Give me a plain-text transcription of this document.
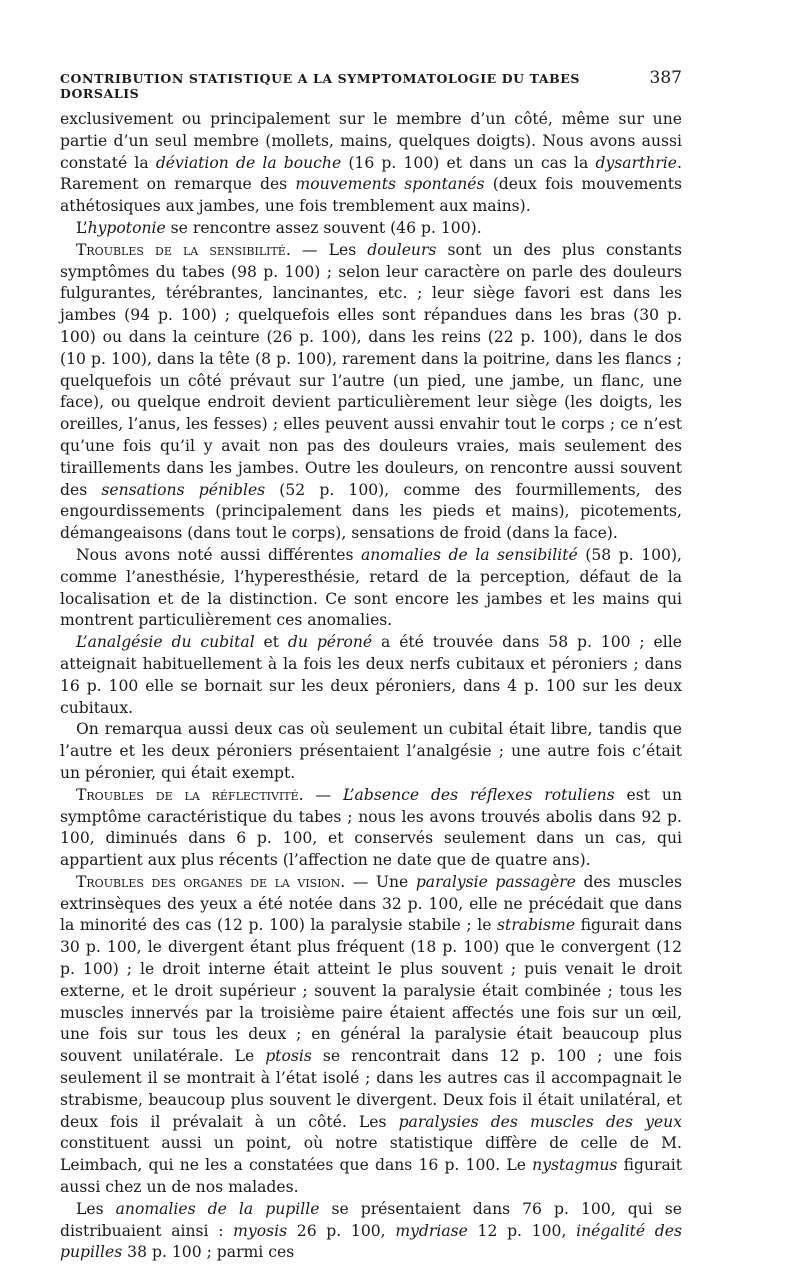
CONTRIBUTION STATISTIQUE A LA SYMPTOMATOLOGIE DU TABES DORSALIS
387

exclusivement ou principalement sur le membre d’un côté, même sur une partie d’un seul membre (mollets, mains, quelques doigts). Nous avons aussi constaté la déviation de la bouche (16 p. 100) et dans un cas la dysarthrie. Rarement on remarque des mouvements spontanés (deux fois mouvements athétosiques aux jambes, une fois tremblement aux mains).

L’hypotonie se rencontre assez souvent (46 p. 100).

Troubles de la sensibilité. — Les douleurs sont un des plus constants symptômes du tabes (98 p. 100) ; selon leur caractère on parle des douleurs fulgurantes, térébrantes, lancinantes, etc. ; leur siège favori est dans les jambes (94 p. 100) ; quelquefois elles sont répandues dans les bras (30 p. 100) ou dans la ceinture (26 p. 100), dans les reins (22 p. 100), dans le dos (10 p. 100), dans la tête (8 p. 100), rarement dans la poitrine, dans les flancs ; quelquefois un côté prévaut sur l’autre (un pied, une jambe, un flanc, une face), ou quelque endroit devient particulièrement leur siège (les doigts, les oreilles, l’anus, les fesses) ; elles peuvent aussi envahir tout le corps ; ce n’est qu’une fois qu’il y avait non pas des douleurs vraies, mais seulement des tiraillements dans les jambes. Outre les douleurs, on rencontre aussi souvent des sensations pénibles (52 p. 100), comme des fourmillements, des engourdissements (principalement dans les pieds et mains), picotements, démangeaisons (dans tout le corps), sensations de froid (dans la face).

Nous avons noté aussi différentes anomalies de la sensibilité (58 p. 100), comme l’anesthésie, l’hyperesthésie, retard de la perception, défaut de la localisation et de la distinction. Ce sont encore les jambes et les mains qui montrent particulièrement ces anomalies.

L’analgésie du cubital et du péroné a été trouvée dans 58 p. 100 ; elle atteignait habituellement à la fois les deux nerfs cubitaux et péroniers ; dans 16 p. 100 elle se bornait sur les deux péroniers, dans 4 p. 100 sur les deux cubitaux.

On remarqua aussi deux cas où seulement un cubital était libre, tandis que l’autre et les deux péroniers présentaient l’analgésie ; une autre fois c’était un péronier, qui était exempt.

Troubles de la réflectivité. — L’absence des réflexes rotuliens est un symptôme caractéristique du tabes ; nous les avons trouvés abolis dans 92 p. 100, diminués dans 6 p. 100, et conservés seulement dans un cas, qui appartient aux plus récents (l’affection ne date que de quatre ans).

Troubles des organes de la vision. — Une paralysie passagère des muscles extrinsèques des yeux a été notée dans 32 p. 100, elle ne précédait que dans la minorité des cas (12 p. 100) la paralysie stabile ; le strabisme figurait dans 30 p. 100, le divergent étant plus fréquent (18 p. 100) que le convergent (12 p. 100) ; le droit interne était atteint le plus souvent ; puis venait le droit externe, et le droit supérieur ; souvent la paralysie était combinée ; tous les muscles innervés par la troisième paire étaient affectés une fois sur un œil, une fois sur tous les deux ; en général la paralysie était beaucoup plus souvent unilatérale. Le ptosis se rencontrait dans 12 p. 100 ; une fois seulement il se montrait à l’état isolé ; dans les autres cas il accompagnait le strabisme, beaucoup plus souvent le divergent. Deux fois il était unilatéral, et deux fois il prévalait à un côté. Les paralysies des muscles des yeux constituent aussi un point, où notre statistique diffère de celle de M. Leimbach, qui ne les a constatées que dans 16 p. 100. Le nystagmus figurait aussi chez un de nos malades.

Les anomalies de la pupille se présentaient dans 76 p. 100, qui se distribuaient ainsi : myosis 26 p. 100, mydriase 12 p. 100, inégalité des pupilles 38 p. 100 ; parmi ces
